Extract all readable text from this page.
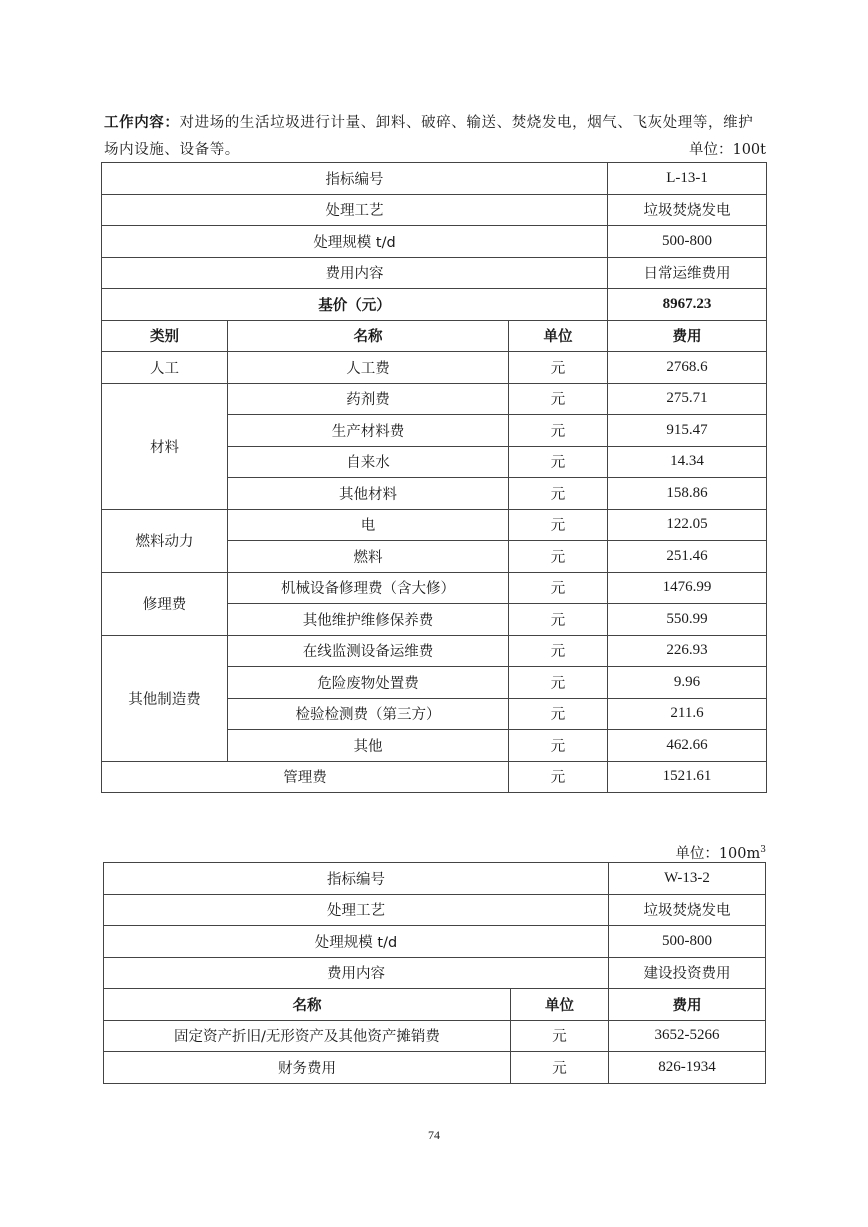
工作内容：对进场的生活垃圾进行计量、卸料、破碎、输送、焚烧发电，烟气、飞灰处理等，维护场内设施、设备等。	单位：100t
指标编号			L-13-1
处理工艺			垃圾焚烧发电
处理规模 t/d			500-800
费用内容			日常运维费用
基价（元）			8967.23
类别	名称	单位	费用
人工	人工费	元	2768.6
材料	药剂费	元	275.71
	生产材料费	元	915.47
	自来水	元	14.34
	其他材料	元	158.86
燃料动力	电	元	122.05
	燃料	元	251.46
修理费	机械设备修理费（含大修）	元	1476.99
	其他维护维修保养费	元	550.99
其他制造费	在线监测设备运维费	元	226.93
	危险废物处置费	元	9.96
	检验检测费（第三方）	元	211.6
	其他	元	462.66
管理费		元	1521.61
单位：$100m^3$
指标编号		W-13-2
处理工艺		垃圾焚烧发电
处理规模 t/d		500-800
费用内容		建设投资费用
名称	单位	费用
固定资产折旧/无形资产及其他资产摊销费	元	3652-5266
财务费用	元	826-1934
74
